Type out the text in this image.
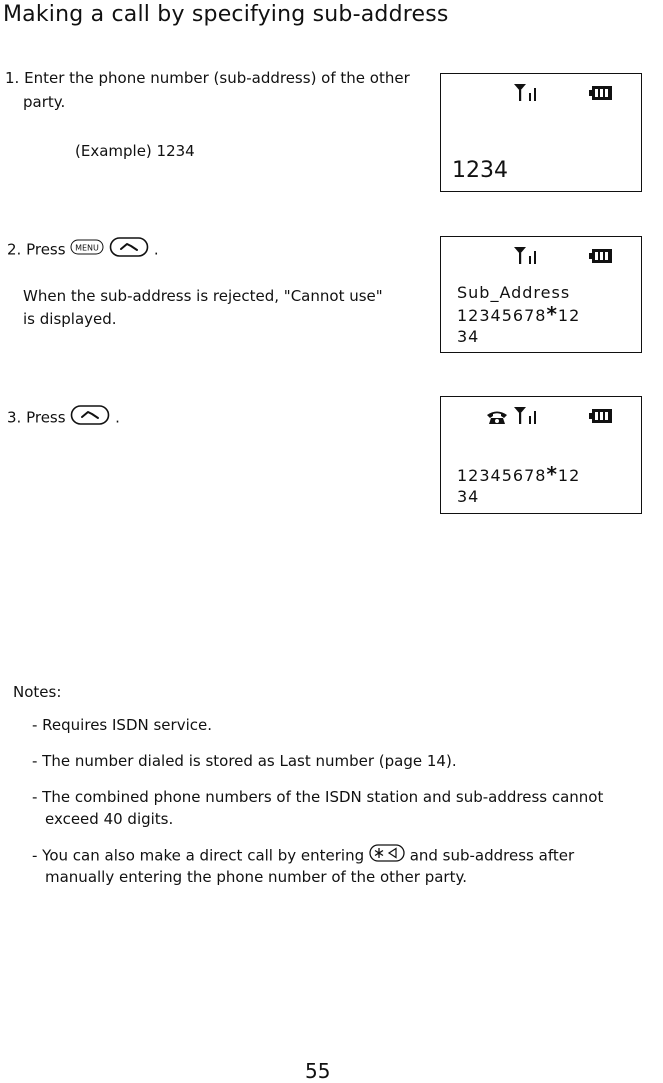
Making a call by specifying sub-address
1. Enter the phone number (sub-address) of the other
party.
(Example) 1234
2. Press MENU	.
When the sub-address is rejected, "Cannot use"
is displayed.
3. Press	.
1234
Sub_Address
12345678*12
34
12345678*12
34
Notes:
- Requires ISDN service.
- The number dialed is stored as Last number (page 14).
- The combined phone numbers of the ISDN station and sub-address cannot
exceed 40 digits.
- You can also make a direct call by entering	and sub-address after
manually entering the phone number of the other party.
55
